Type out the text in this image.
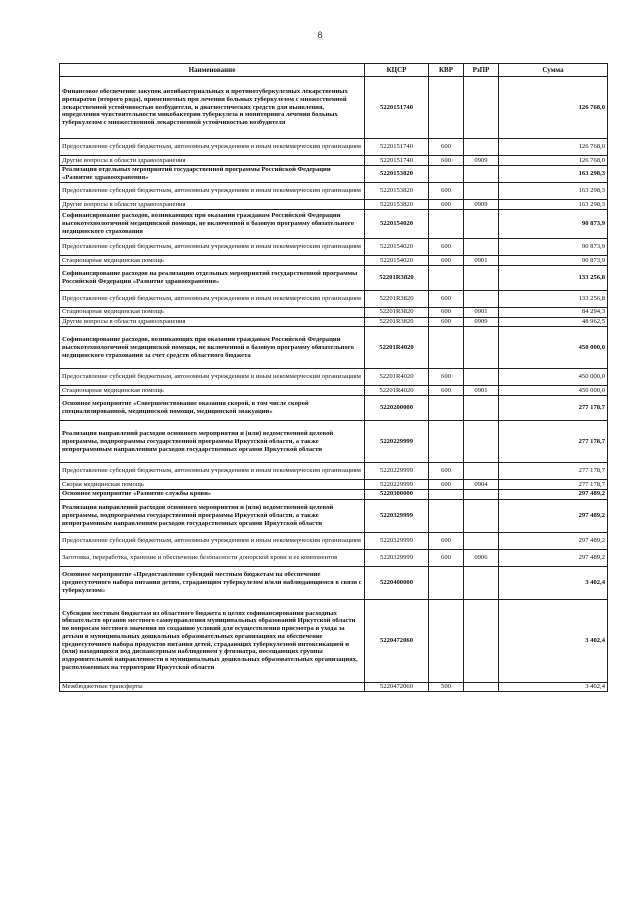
8
Наименование	КЦСР	КВР	РзПР	Сумма
Финансовое обеспечение закупок антибактериальных и противотуберкулезных лекарственных препаратов (второго ряда), применяемых при лечении больных туберкулезом с множественной лекарственной устойчивостью возбудителя, и диагностических средств для выявления, определения чувствительности микобактерии туберкулеза и мониторинга лечения больных туберкулезом с множественной лекарственной устойчивостью возбудителя	5220151740			126 768,0
Предоставление субсидий бюджетным, автономным учреждениям и иным некоммерческим организациям	5220151740	600		126 768,0
Другие вопросы в области здравоохранения	5220151740	600	0909	126 768,0
Реализация отдельных мероприятий государственной программы Российской Федерации «Развитие здравоохранения»	5220153820			163 298,3
Предоставление субсидий бюджетным, автономным учреждениям и иным некоммерческим организациям	5220153820	600		163 298,3
Другие вопросы в области здравоохранения	5220153820	600	0909	163 298,3
Софинансирование расходов, возникающих при оказании гражданам Российской Федерации высокотехнологичной медицинской помощи, не включенной в базовую программу обязательного медицинского страхования	5220154020			90 873,9
Предоставление субсидий бюджетным, автономным учреждениям и иным некоммерческим организациям	5220154020	600		90 873,9
Стационарная медицинская помощь	5220154020	600	0901	90 873,9
Софинансирование расходов на реализацию отдельных мероприятий государственной программы Российской Федерации «Развитие здравоохранения»	52201R3820			133 256,8
Предоставление субсидий бюджетным, автономным учреждениям и иным некоммерческим организациям	52201R3820	600		133 256,8
Стационарная медицинская помощь	52201R3820	600	0901	84 294,3
Другие вопросы в области здравоохранения	52201R3820	600	0909	48 962,5
Софинансирование расходов, возникающих при оказании гражданам Российской Федерации высокотехнологичной медицинской помощи, не включенной в базовую программу обязательного медицинского страхования за счет средств областного бюджета	52201R4020			450 000,0
Предоставление субсидий бюджетным, автономным учреждениям и иным некоммерческим организациям	52201R4020	600		450 000,0
Стационарная медицинская помощь	52201R4020	600	0901	450 000,0
Основное мероприятие «Совершенствование оказания скорой, в том числе скорой специализированной, медицинской помощи, медицинской эвакуации»	5220200000			277 178,7
Реализация направлений расходов основного мероприятия и (или) ведомственной целевой программы, подпрограммы государственной программы Иркутской области, а также непрограммным направлениям расходов государственных органов Иркутской области	5220229999			277 178,7
Предоставление субсидий бюджетным, автономным учреждениям и иным некоммерческим организациям	5220229999	600		277 178,7
Скорая медицинская помощь	5220229999	600	0904	277 178,7
Основное мероприятие «Развитие службы крови»	5220300000			297 489,2
Реализация направлений расходов основного мероприятия и (или) ведомственной целевой программы, подпрограммы государственной программы Иркутской области, а также непрограммным направлениям расходов государственных органов Иркутской области	5220329999			297 489,2
Предоставление субсидий бюджетным, автономным учреждениям и иным некоммерческим организациям	5220329999	600		297 489,2
Заготовка, переработка, хранение и обеспечение безопасности донорской крови и ее компонентов	5220329999	600	0906	297 489,2
Основное мероприятие «Предоставление субсидий местным бюджетам на обеспечение среднесуточного набора питания детям, страдающим туберкулезом и/или наблюдающимся в связи с туберкулезом»	5220400000			3 402,4
Субсидии местным бюджетам из областного бюджета в целях софинансирования расходных обязательств органов местного самоуправления муниципальных образований Иркутской области по вопросам местного значения по созданию условий для осуществления присмотра и ухода за детьми в муниципальных дошкольных образовательных организациях на обеспечение среднесуточного набора продуктов питания детей, страдающих туберкулезной интоксикацией и (или) находящихся под диспансерным наблюдением у фтизиатра, посещающих группы оздоровительной направленности в муниципальных дошкольных образовательных организациях, расположенных на территории Иркутской области	5220472060			3 402,4
Межбюджетные трансферты	5220472060	500		3 402,4
